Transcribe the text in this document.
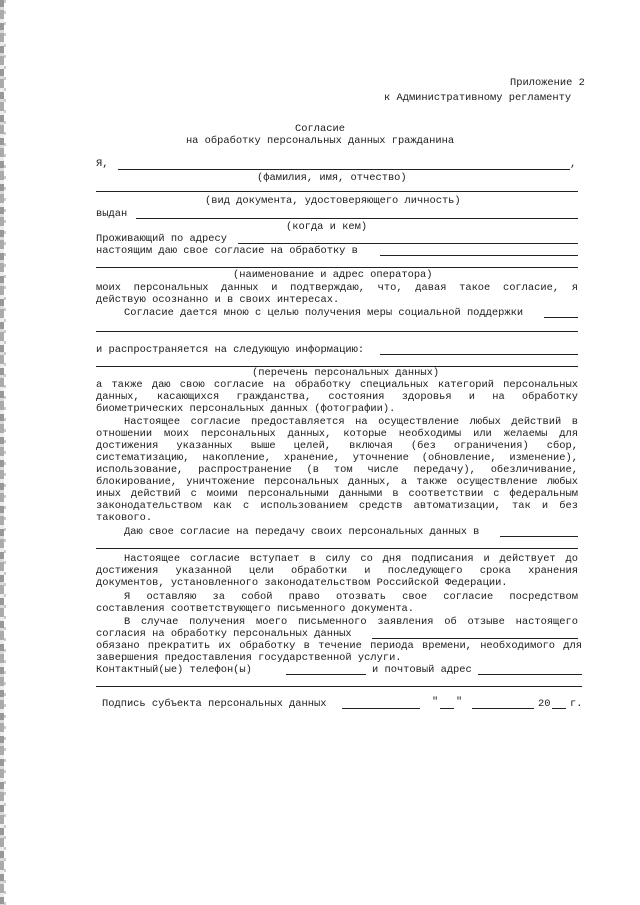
Приложение 2
к Административному регламенту
Согласие
на обработку персональных данных гражданина
Я,	,
(фамилия, имя, отчество)
(вид документа, удостоверяющего личность)
выдан
(когда и кем)
Проживающий по адресу
настоящим даю свое согласие на обработку в
(наименование и адрес оператора)
моих персональных данных и подтверждаю, что, давая такое согласие, я
действую осознанно и в своих интересах.
Согласие дается мною с целью получения меры социальной поддержки
и распространяется на следующую информацию:
(перечень персональных данных)
а также даю свою согласие на обработку специальных категорий персональных
данных, касающихся гражданства, состояния здоровья и на обработку
биометрических персональных данных (фотографии).
Настоящее согласие предоставляется на осуществление любых действий в
отношении моих персональных данных, которые необходимы или желаемы для
достижения указанных выше целей, включая (без ограничения) сбор,
систематизацию, накопление, хранение, уточнение (обновление, изменение),
использование, распространение (в том числе передачу), обезличивание,
блокирование, уничтожение персональных данных, а также осуществление любых
иных действий с моими персональными данными в соответствии с федеральным
законодательством как с использованием средств автоматизации, так и без
такового.
Даю свое согласие на передачу своих персональных данных в
Настоящее согласие вступает в силу со дня подписания и действует до
достижения указанной цели обработки и последующего срока хранения
документов, установленного законодательством Российской Федерации.
Я оставляю за собой право отозвать свое согласие посредством
составления соответствующего письменного документа.
В случае получения моего письменного заявления об отзыве настоящего
согласия на обработку персональных данных
обязано прекратить их обработку в течение периода времени, необходимого для
завершения предоставления государственной услуги.
Контактный(ые) телефон(ы)	и почтовый адрес
Подпись субъекта персональных данных	" "	20 г.
